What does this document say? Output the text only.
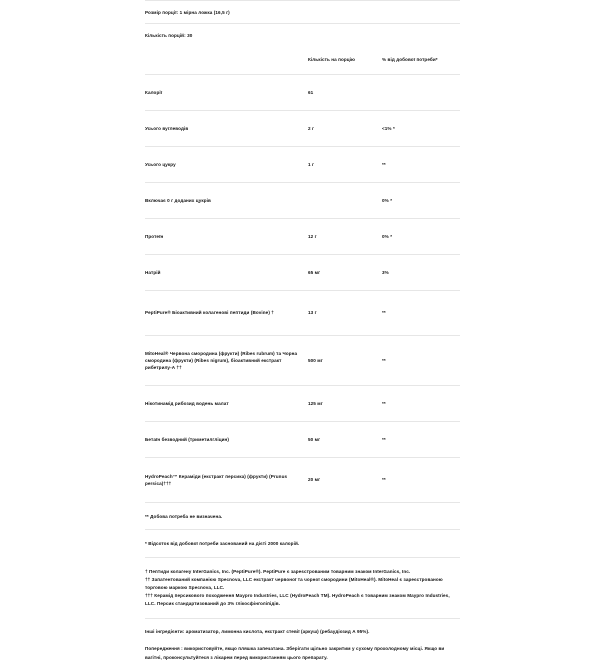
Розмір порції: 1 мірна ложка (16,5 г)
Кількість порцій: 30
	Кількість на порцію	% від добової потреби*
Калорії	61	
Усього вуглеводів	2 г	<1% *
Усього цукру	1 г	**
Включає 0 г доданих цукрів		0% *
Протеїн	12 г	0% *
Натрій	65 мг	3%
PeptiPure® Біоактивний колагенові пептиди (Bovine) †	13 г	**
MitoHeal® Червона смородина (фрукти) (Ribes rubrum) та Чорна смородина (фрукти) (Ribes nigrum), біоактивний екстракт рибетрилу-А ††	500 мг	**
Нікотинамід рибозид водень малат	125 мг	**
Бетаїн безводний (триметилгліцин)	50 мг	**
HydroPeach™ Керамiди (екстракт персика) (фрукти) (Prunus persica)†††	20 мг	**
** Добова потреба не визначена.
* Відсоток від добової потреби заснований на дієті 2000 калорій.
† Пептиди колагену InterGanics, Inc. (PeptiPure®). PeptiPure є зареєстрованим товарним знаком InterGanics, Inc.
†† Запатентований компанією Specnova, LLC екстракт червоної та чорної смородини (MitoHeal®). MitoHeal є зареєстрованою торговою маркою Specnova, LLC.
††† Керамід персикового походження Maypro Industries, LLC (HydroPeach TM). HydroPeach є товарним знаком Maypro Industries, LLC. Персик стандартизований до 3% глікосфінголіпідів.

Інші інгредієнти: ароматизатор, лимонна кислота, екстракт стевії (аркуш) (ребаудіозид А 95%).

Попередження : використовуйте, якщо пляшка запечатана. Зберігати щільно закритим у сухому прохолодному місці. Якщо ви вагітні, проконсультуйтеся з лікарем перед використанням цього препарату.
